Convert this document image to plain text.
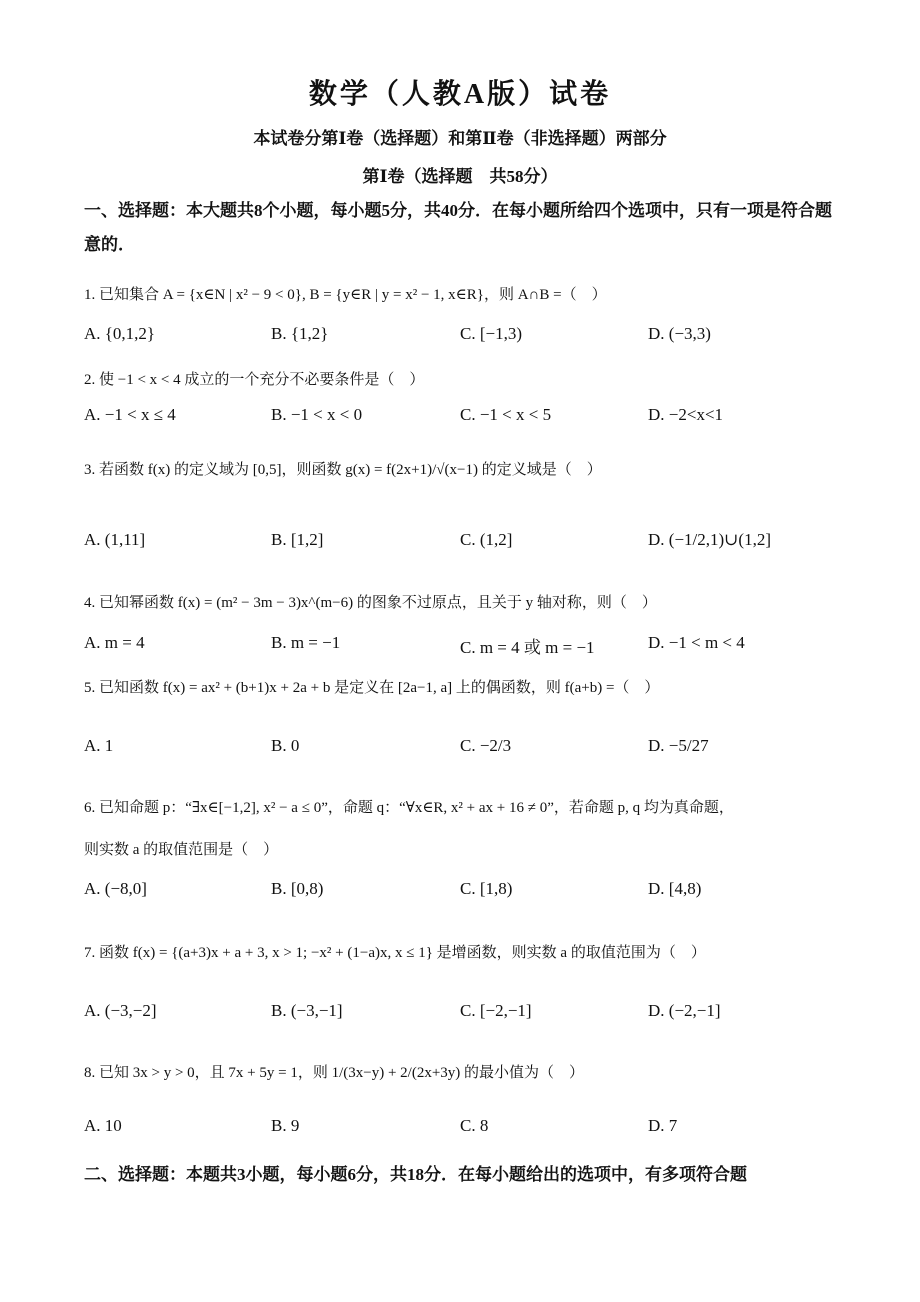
数学（人教A版）试卷
本试卷分第Ⅰ卷（选择题）和第Ⅱ卷（非选择题）两部分
第Ⅰ卷（选择题　共58分）
一、选择题：本大题共8个小题，每小题5分，共40分．在每小题所给四个选项中，只有一项是符合题意的．
1. 已知集合 A = {x∈N | x² − 9 < 0}, B = {y∈R | y = x² − 1, x∈R}，则 A∩B =（　）
A. {0,1,2}	B. {1,2}	C. [−1,3)	D. (−3,3)
2. 使 −1 < x < 4 成立的一个充分不必要条件是（　）
A. −1 < x ≤ 4	B. −1 < x < 0	C. −1 < x < 5	D. −2<x<1
3. 若函数 f(x) 的定义域为 [0,5]，则函数 g(x) = f(2x+1)/√(x−1) 的定义域是（　）
A. (1,11]	B. [1,2]	C. (1,2]	D. (−1/2,1)∪(1,2]
4. 已知幂函数 f(x) = (m² − 3m − 3)x^(m−6) 的图象不过原点，且关于 y 轴对称，则（　）
A. m = 4	B. m = −1	C. m = 4 或 m = −1	D. −1 < m < 4
5. 已知函数 f(x) = ax² + (b+1)x + 2a + b 是定义在 [2a−1, a] 上的偶函数，则 f(a+b) =（　）
A. 1	B. 0	C. −2/3	D. −5/27
6. 已知命题 p：“∃x∈[−1,2], x² − a ≤ 0”，命题 q：“∀x∈R, x² + ax + 16 ≠ 0”，若命题 p, q 均为真命题，
则实数 a 的取值范围是（　）
A. (−8,0]	B. [0,8)	C. [1,8)	D. [4,8)
7. 函数 f(x) = {(a+3)x + a + 3, x > 1; −x² + (1−a)x, x ≤ 1} 是增函数，则实数 a 的取值范围为（　）
A. (−3,−2]	B. (−3,−1]	C. [−2,−1]	D. (−2,−1]
8. 已知 3x > y > 0，且 7x + 5y = 1，则 1/(3x−y) + 2/(2x+3y) 的最小值为（　）
A. 10	B. 9	C. 8	D. 7
二、选择题：本题共3小题，每小题6分，共18分．在每小题给出的选项中，有多项符合题
